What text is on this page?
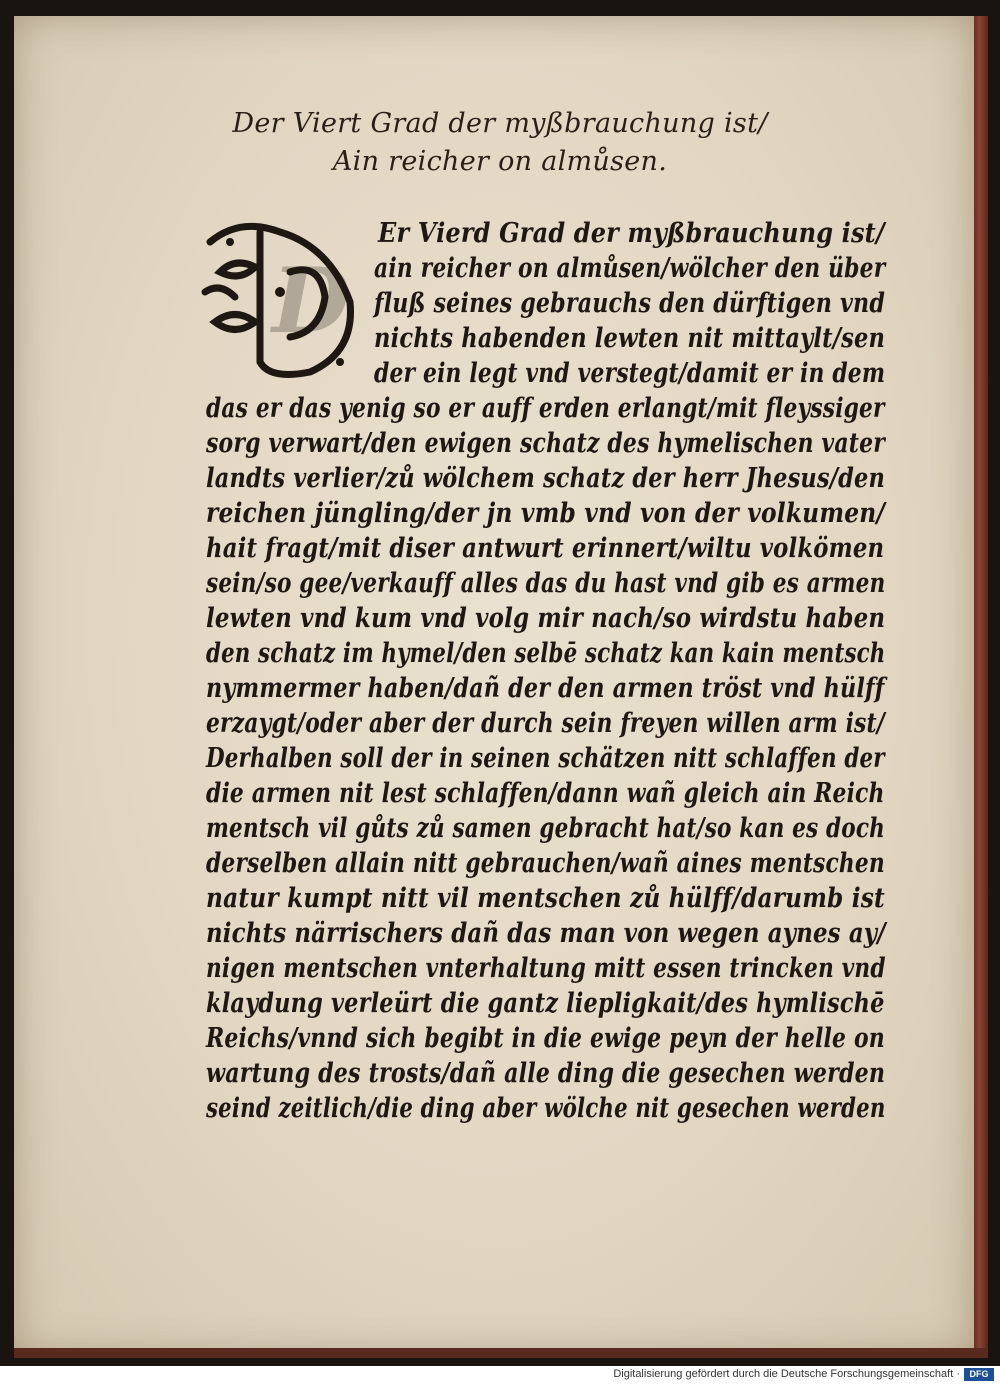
Der Viert Grad der myßbrauchung ist/
Ain reicher on almůsen.
D
Er Vierd Grad der myßbrauchung ist/
ain reicher on almůsen/wölcher den über
fluß seines gebrauchs den dürftigen vnd
nichts habenden lewten nit mittaylt/sen
der ein legt vnd verstegt/damit er in dem
das er das yenig so er auff erden erlangt/mit fleyssiger
sorg verwart/den ewigen schatz des hymelischen vater
landts verlier/zů wölchem schatz der herr Jhesus/den
reichen jüngling/der jn vmb vnd von der volkumen/
hait fragt/mit diser antwurt erinnert/wiltu volkömen
sein/so gee/verkauff alles das du hast vnd gib es armen
lewten vnd kum vnd volg mir nach/so wirdstu haben
den schatz im hymel/den selbē schatz kan kain mentsch
nymmermer haben/dañ der den armen tröst vnd hülff
erzaygt/oder aber der durch sein freyen willen arm ist/
Derhalben soll der in seinen schätzen nitt schlaffen der
die armen nit lest schlaffen/dann wañ gleich ain Reich
mentsch vil gůts zů samen gebracht hat/so kan es doch
derselben allain nitt gebrauchen/wañ aines mentschen
natur kumpt nitt vil mentschen zů hülff/darumb ist
nichts närrischers dañ das man von wegen aynes ay/
nigen mentschen vnterhaltung mitt essen trincken vnd
klaydung verleürt die gantz liepligkait/des hymlischē
Reichs/vnnd sich begibt in die ewige peyn der helle on
wartung des trosts/dañ alle ding die gesechen werden
seind zeitlich/die ding aber wölche nit gesechen werden
Digitalisierung gefördert durch die Deutsche Forschungsgemeinschaft ·	DFG
